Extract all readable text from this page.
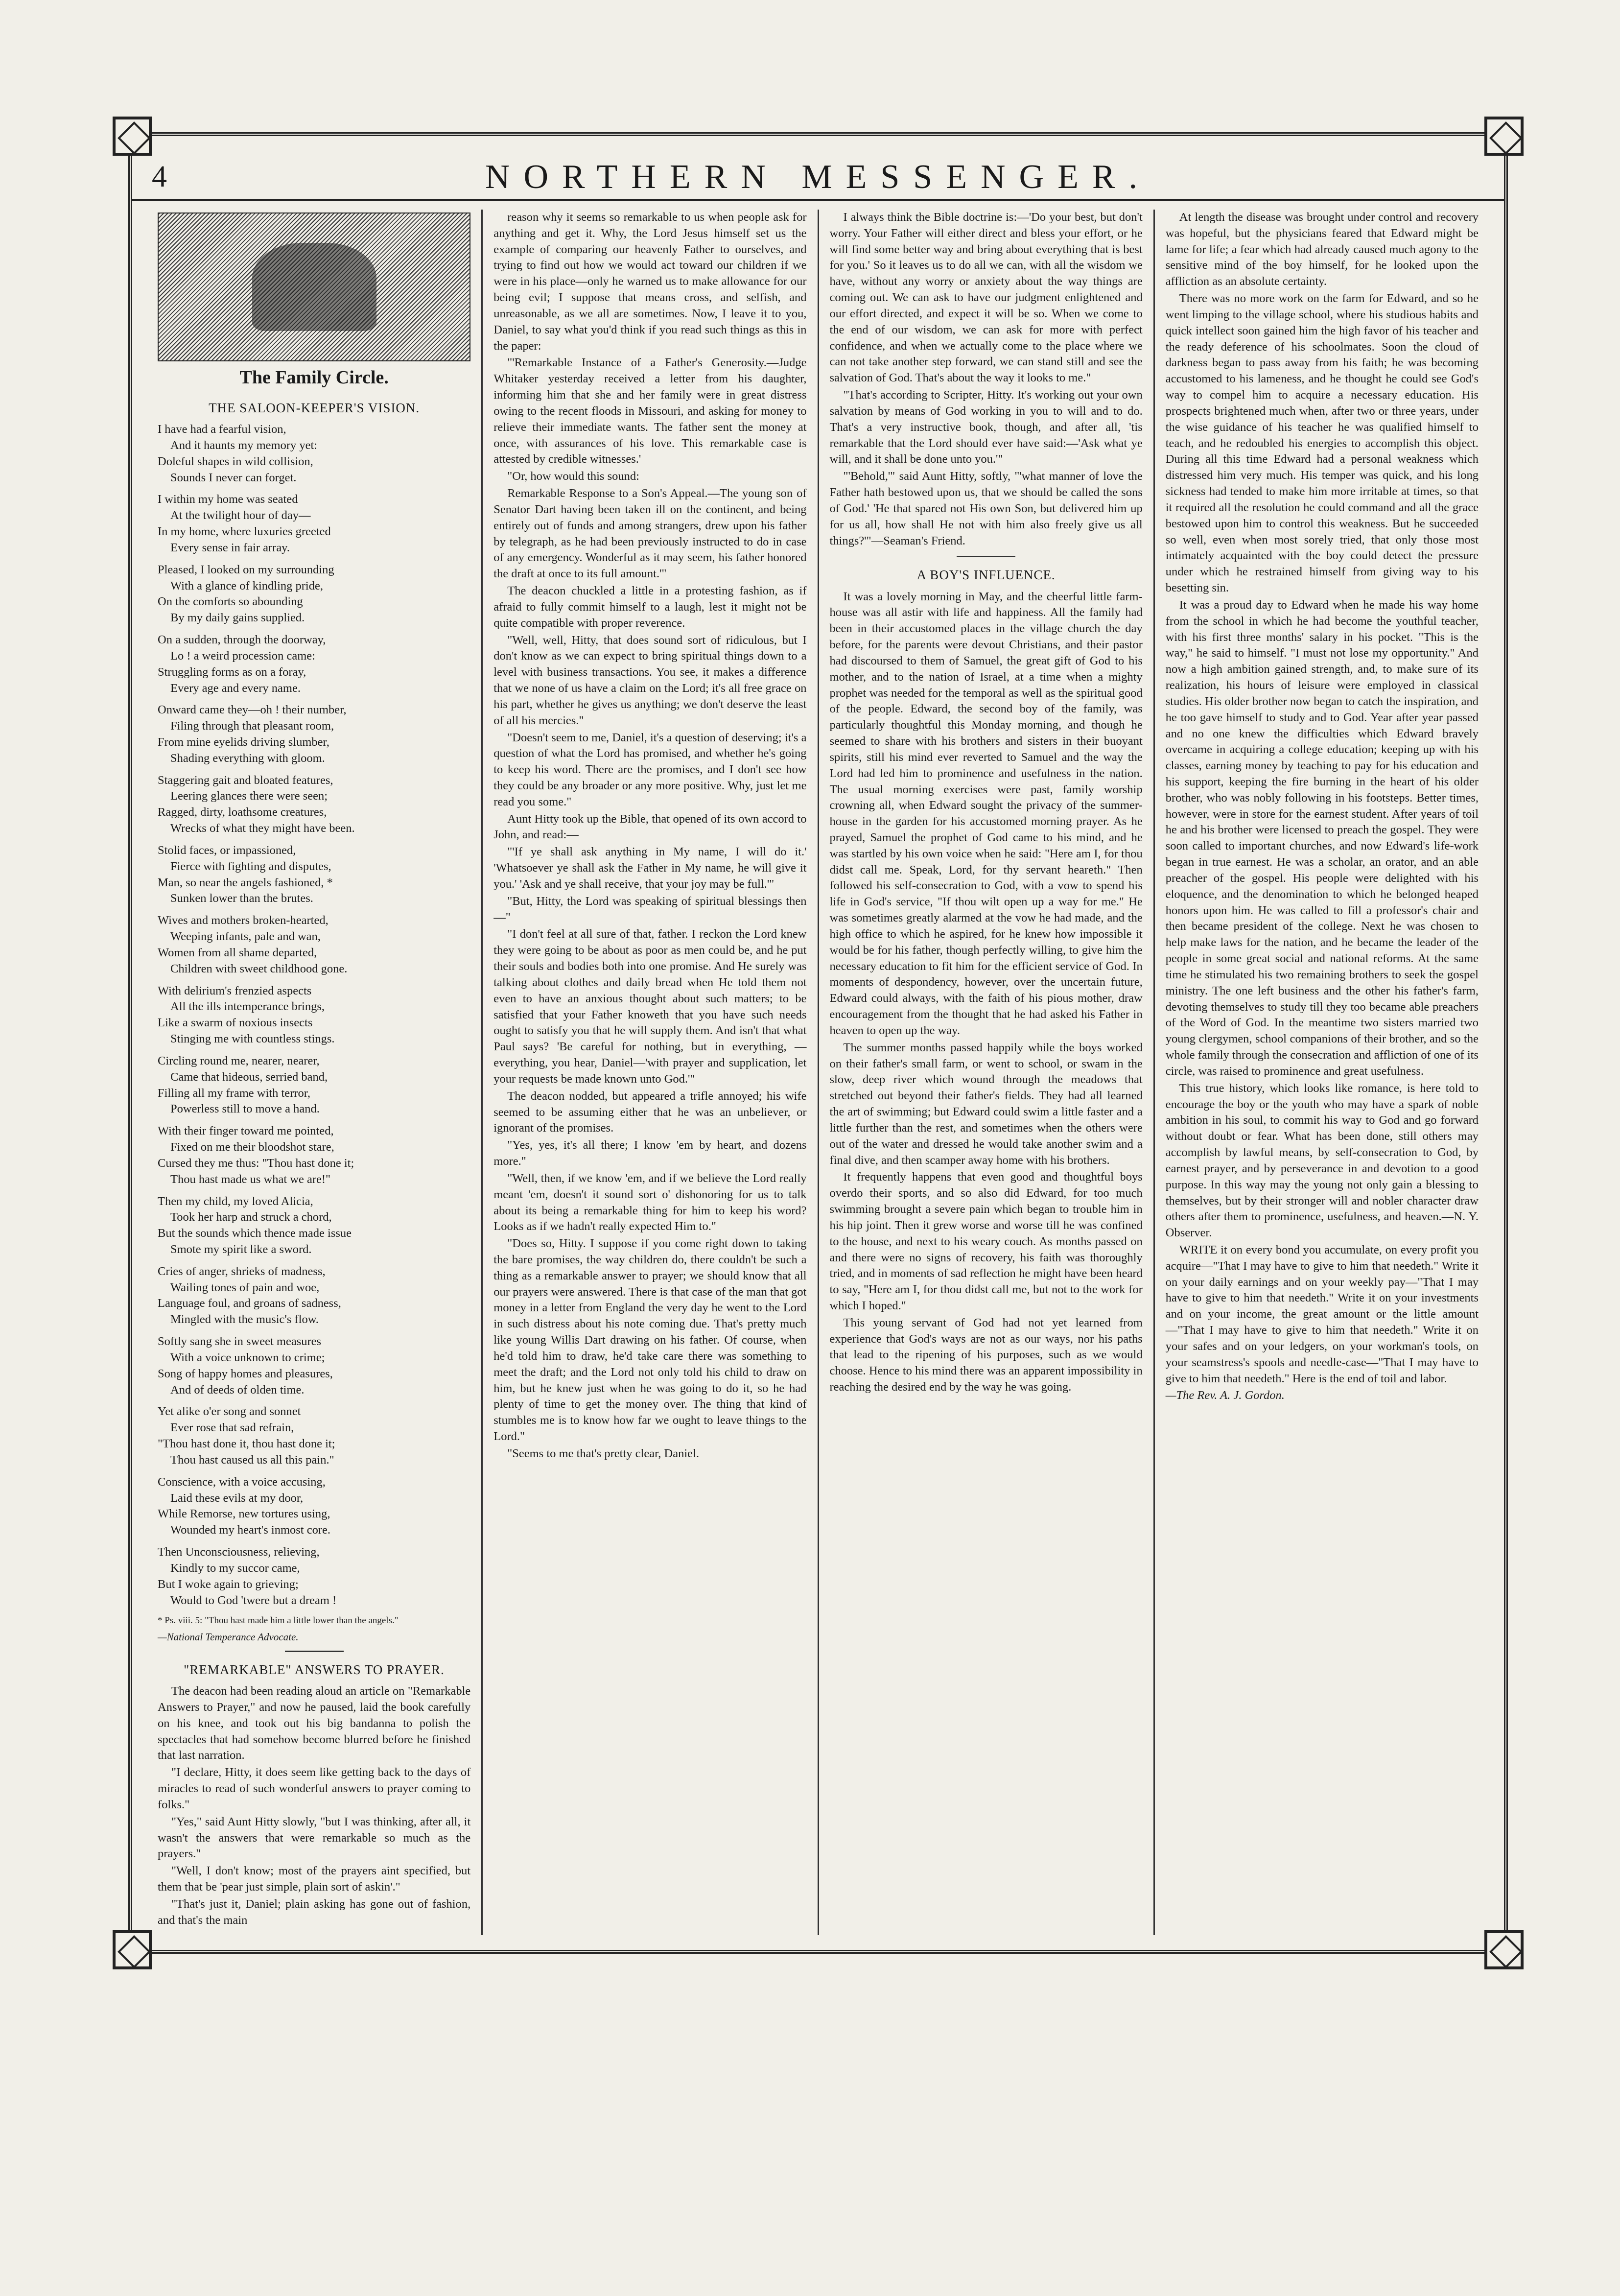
4	NORTHERN MESSENGER.
The Family Circle.
THE SALOON-KEEPER'S VISION.
I have had a fearful vision,
And it haunts my memory yet:
Doleful shapes in wild collision,
Sounds I never can forget.
I within my home was seated
At the twilight hour of day—
In my home, where luxuries greeted
Every sense in fair array.
Pleased, I looked on my surrounding
With a glance of kindling pride,
On the comforts so abounding
By my daily gains supplied.
On a sudden, through the doorway,
Lo ! a weird procession came:
Struggling forms as on a foray,
Every age and every name.
Onward came they—oh ! their number,
Filing through that pleasant room,
From mine eyelids driving slumber,
Shading everything with gloom.
Staggering gait and bloated features,
Leering glances there were seen;
Ragged, dirty, loathsome creatures,
Wrecks of what they might have been.
Stolid faces, or impassioned,
Fierce with fighting and disputes,
Man, so near the angels fashioned, *
Sunken lower than the brutes.
Wives and mothers broken-hearted,
Weeping infants, pale and wan,
Women from all shame departed,
Children with sweet childhood gone.
With delirium's frenzied aspects
All the ills intemperance brings,
Like a swarm of noxious insects
Stinging me with countless stings.
Circling round me, nearer, nearer,
Came that hideous, serried band,
Filling all my frame with terror,
Powerless still to move a hand.
With their finger toward me pointed,
Fixed on me their bloodshot stare,
Cursed they me thus: "Thou hast done it;
Thou hast made us what we are!"
Then my child, my loved Alicia,
Took her harp and struck a chord,
But the sounds which thence made issue
Smote my spirit like a sword.
Cries of anger, shrieks of madness,
Wailing tones of pain and woe,
Language foul, and groans of sadness,
Mingled with the music's flow.
Softly sang she in sweet measures
With a voice unknown to crime;
Song of happy homes and pleasures,
And of deeds of olden time.
Yet alike o'er song and sonnet
Ever rose that sad refrain,
"Thou hast done it, thou hast done it;
Thou hast caused us all this pain."
Conscience, with a voice accusing,
Laid these evils at my door,
While Remorse, new tortures using,
Wounded my heart's inmost core.
Then Unconsciousness, relieving,
Kindly to my succor came,
But I woke again to grieving;
Would to God 'twere but a dream !
* Ps. viii. 5: "Thou hast made him a little lower than the angels."
—National Temperance Advocate.
"REMARKABLE" ANSWERS TO PRAYER.

The deacon had been reading aloud an article on "Remarkable Answers to Prayer," and now he paused, laid the book carefully on his knee, and took out his big bandanna to polish the spectacles that had somehow become blurred before he finished that last narration.

"I declare, Hitty, it does seem like getting back to the days of miracles to read of such wonderful answers to prayer coming to folks."

"Yes," said Aunt Hitty slowly, "but I was thinking, after all, it wasn't the answers that were remarkable so much as the prayers."

"Well, I don't know; most of the prayers aint specified, but them that be 'pear just simple, plain sort of askin'."

"That's just it, Daniel; plain asking has gone out of fashion, and that's the main

reason why it seems so remarkable to us when people ask for anything and get it. Why, the Lord Jesus himself set us the example of comparing our heavenly Father to ourselves, and trying to find out how we would act toward our children if we were in his place—only he warned us to make allowance for our being evil; I suppose that means cross, and selfish, and unreasonable, as we all are sometimes. Now, I leave it to you, Daniel, to say what you'd think if you read such things as this in the paper:

"'Remarkable Instance of a Father's Generosity.—Judge Whitaker yesterday received a letter from his daughter, informing him that she and her family were in great distress owing to the recent floods in Missouri, and asking for money to relieve their immediate wants. The father sent the money at once, with assurances of his love. This remarkable case is attested by credible witnesses.'

"Or, how would this sound:

Remarkable Response to a Son's Appeal.—The young son of Senator Dart having been taken ill on the continent, and being entirely out of funds and among strangers, drew upon his father by telegraph, as he had been previously instructed to do in case of any emergency. Wonderful as it may seem, his father honored the draft at once to its full amount.'"

The deacon chuckled a little in a protesting fashion, as if afraid to fully commit himself to a laugh, lest it might not be quite compatible with proper reverence.

"Well, well, Hitty, that does sound sort of ridiculous, but I don't know as we can expect to bring spiritual things down to a level with business transactions. You see, it makes a difference that we none of us have a claim on the Lord; it's all free grace on his part, whether he gives us anything; we don't deserve the least of all his mercies."

"Doesn't seem to me, Daniel, it's a question of deserving; it's a question of what the Lord has promised, and whether he's going to keep his word. There are the promises, and I don't see how they could be any broader or any more positive. Why, just let me read you some."

Aunt Hitty took up the Bible, that opened of its own accord to John, and read:—

"'If ye shall ask anything in My name, I will do it.' 'Whatsoever ye shall ask the Father in My name, he will give it you.' 'Ask and ye shall receive, that your joy may be full.'"

"But, Hitty, the Lord was speaking of spiritual blessings then—"

"I don't feel at all sure of that, father. I reckon the Lord knew they were going to be about as poor as men could be, and he put their souls and bodies both into one promise. And He surely was talking about clothes and daily bread when He told them not even to have an anxious thought about such matters; to be satisfied that your Father knoweth that you have such needs ought to satisfy you that he will supply them. And isn't that what Paul says? 'Be careful for nothing, but in everything, —everything, you hear, Daniel—'with prayer and supplication, let your requests be made known unto God.'"

The deacon nodded, but appeared a trifle annoyed; his wife seemed to be assuming either that he was an unbeliever, or ignorant of the promises.

"Yes, yes, it's all there; I know 'em by heart, and dozens more."

"Well, then, if we know 'em, and if we believe the Lord really meant 'em, doesn't it sound sort o' dishonoring for us to talk about its being a remarkable thing for him to keep his word? Looks as if we hadn't really expected Him to."

"Does so, Hitty. I suppose if you come right down to taking the bare promises, the way children do, there couldn't be such a thing as a remarkable answer to prayer; we should know that all our prayers were answered. There is that case of the man that got money in a letter from England the very day he went to the Lord in such distress about his note coming due. That's pretty much like young Willis Dart drawing on his father. Of course, when he'd told him to draw, he'd take care there was something to meet the draft; and the Lord not only told his child to draw on him, but he knew just when he was going to do it, so he had plenty of time to get the money over. The thing that kind of stumbles me is to know how far we ought to leave things to the Lord."

"Seems to me that's pretty clear, Daniel.

I always think the Bible doctrine is:—'Do your best, but don't worry. Your Father will either direct and bless your effort, or he will find some better way and bring about everything that is best for you.' So it leaves us to do all we can, with all the wisdom we have, without any worry or anxiety about the way things are coming out. We can ask to have our judgment enlightened and our effort directed, and expect it will be so. When we come to the end of our wisdom, we can ask for more with perfect confidence, and when we actually come to the place where we can not take another step forward, we can stand still and see the salvation of God. That's about the way it looks to me."

"That's according to Scripter, Hitty. It's working out your own salvation by means of God working in you to will and to do. That's a very instructive book, though, and after all, 'tis remarkable that the Lord should ever have said:—'Ask what ye will, and it shall be done unto you.'"

"'Behold,'" said Aunt Hitty, softly, "'what manner of love the Father hath bestowed upon us, that we should be called the sons of God.' 'He that spared not His own Son, but delivered him up for us all, how shall He not with him also freely give us all things?'"—Seaman's Friend.

A BOY'S INFLUENCE.

It was a lovely morning in May, and the cheerful little farm-house was all astir with life and happiness. All the family had been in their accustomed places in the village church the day before, for the parents were devout Christians, and their pastor had discoursed to them of Samuel, the great gift of God to his mother, and to the nation of Israel, at a time when a mighty prophet was needed for the temporal as well as the spiritual good of the people. Edward, the second boy of the family, was particularly thoughtful this Monday morning, and though he seemed to share with his brothers and sisters in their buoyant spirits, still his mind ever reverted to Samuel and the way the Lord had led him to prominence and usefulness in the nation. The usual morning exercises were past, family worship crowning all, when Edward sought the privacy of the summer-house in the garden for his accustomed morning prayer. As he prayed, Samuel the prophet of God came to his mind, and he was startled by his own voice when he said: "Here am I, for thou didst call me. Speak, Lord, for thy servant heareth." Then followed his self-consecration to God, with a vow to spend his life in God's service, "If thou wilt open up a way for me." He was sometimes greatly alarmed at the vow he had made, and the high office to which he aspired, for he knew how impossible it would be for his father, though perfectly willing, to give him the necessary education to fit him for the efficient service of God. In moments of despondency, however, over the uncertain future, Edward could always, with the faith of his pious mother, draw encouragement from the thought that he had asked his Father in heaven to open up the way.

The summer months passed happily while the boys worked on their father's small farm, or went to school, or swam in the slow, deep river which wound through the meadows that stretched out beyond their father's fields. They had all learned the art of swimming; but Edward could swim a little faster and a little further than the rest, and sometimes when the others were out of the water and dressed he would take another swim and a final dive, and then scamper away home with his brothers.

It frequently happens that even good and thoughtful boys overdo their sports, and so also did Edward, for too much swimming brought a severe pain which began to trouble him in his hip joint. Then it grew worse and worse till he was confined to the house, and next to his weary couch. As months passed on and there were no signs of recovery, his faith was thoroughly tried, and in moments of sad reflection he might have been heard to say, "Here am I, for thou didst call me, but not to the work for which I hoped."

This young servant of God had not yet learned from experience that God's ways are not as our ways, nor his paths that lead to the ripening of his purposes, such as we would choose. Hence to his mind there was an apparent impossibility in reaching the desired end by the way he was going.

At length the disease was brought under control and recovery was hopeful, but the physicians feared that Edward might be lame for life; a fear which had already caused much agony to the sensitive mind of the boy himself, for he looked upon the affliction as an absolute certainty.

There was no more work on the farm for Edward, and so he went limping to the village school, where his studious habits and quick intellect soon gained him the high favor of his teacher and the ready deference of his schoolmates. Soon the cloud of darkness began to pass away from his faith; he was becoming accustomed to his lameness, and he thought he could see God's way to compel him to acquire a necessary education. His prospects brightened much when, after two or three years, under the wise guidance of his teacher he was qualified himself to teach, and he redoubled his energies to accomplish this object. During all this time Edward had a personal weakness which distressed him very much. His temper was quick, and his long sickness had tended to make him more irritable at times, so that it required all the resolution he could command and all the grace bestowed upon him to control this weakness. But he succeeded so well, even when most sorely tried, that only those most intimately acquainted with the boy could detect the pressure under which he restrained himself from giving way to his besetting sin.

It was a proud day to Edward when he made his way home from the school in which he had become the youthful teacher, with his first three months' salary in his pocket. "This is the way," he said to himself. "I must not lose my opportunity." And now a high ambition gained strength, and, to make sure of its realization, his hours of leisure were employed in classical studies. His older brother now began to catch the inspiration, and he too gave himself to study and to God. Year after year passed and no one knew the difficulties which Edward bravely overcame in acquiring a college education; keeping up with his classes, earning money by teaching to pay for his education and his support, keeping the fire burning in the heart of his older brother, who was nobly following in his footsteps. Better times, however, were in store for the earnest student. After years of toil he and his brother were licensed to preach the gospel. They were soon called to important churches, and now Edward's life-work began in true earnest. He was a scholar, an orator, and an able preacher of the gospel. His people were delighted with his eloquence, and the denomination to which he belonged heaped honors upon him. He was called to fill a professor's chair and then became president of the college. Next he was chosen to help make laws for the nation, and he became the leader of the people in some great social and national reforms. At the same time he stimulated his two remaining brothers to seek the gospel ministry. The one left business and the other his father's farm, devoting themselves to study till they too became able preachers of the Word of God. In the meantime two sisters married two young clergymen, school companions of their brother, and so the whole family through the consecration and affliction of one of its circle, was raised to prominence and great usefulness.

This true history, which looks like romance, is here told to encourage the boy or the youth who may have a spark of noble ambition in his soul, to commit his way to God and go forward without doubt or fear. What has been done, still others may accomplish by lawful means, by self-consecration to God, by earnest prayer, and by perseverance in and devotion to a good purpose. In this way may the young not only gain a blessing to themselves, but by their stronger will and nobler character draw others after them to prominence, usefulness, and heaven.—N. Y. Observer.

WRITE it on every bond you accumulate, on every profit you acquire—"That I may have to give to him that needeth." Write it on your daily earnings and on your weekly pay—"That I may have to give to him that needeth." Write it on your investments and on your income, the great amount or the little amount—"That I may have to give to him that needeth." Write it on your safes and on your ledgers, on your workman's tools, on your seamstress's spools and needle-case—"That I may have to give to him that needeth." Here is the end of toil and labor.

—The Rev. A. J. Gordon.
